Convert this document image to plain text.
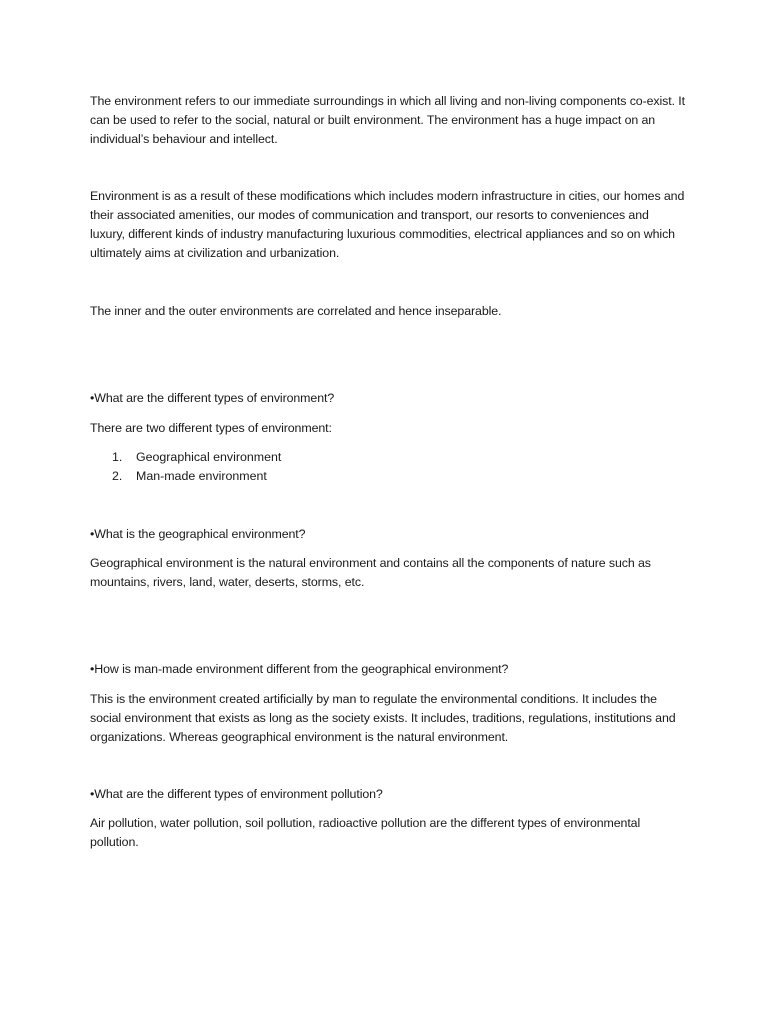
The environment refers to our immediate surroundings in which all living and non-living components co-exist. It can be used to refer to the social, natural or built environment. The environment has a huge impact on an individual’s behaviour and intellect.

Environment is as a result of these modifications which includes modern infrastructure in cities, our homes and their associated amenities, our modes of communication and transport, our resorts to conveniences and luxury, different kinds of industry manufacturing luxurious commodities, electrical appliances and so on which ultimately aims at civilization and urbanization.

The inner and the outer environments are correlated and hence inseparable.

•What are the different types of environment?

There are two different types of environment:

1. Geographical environment
2. Man-made environment

•What is the geographical environment?

Geographical environment is the natural environment and contains all the components of nature such as mountains, rivers, land, water, deserts, storms, etc.

•How is man-made environment different from the geographical environment?

This is the environment created artificially by man to regulate the environmental conditions. It includes the social environment that exists as long as the society exists. It includes, traditions, regulations, institutions and organizations. Whereas geographical environment is the natural environment.

•What are the different types of environment pollution?

Air pollution, water pollution, soil pollution, radioactive pollution are the different types of environmental pollution.
